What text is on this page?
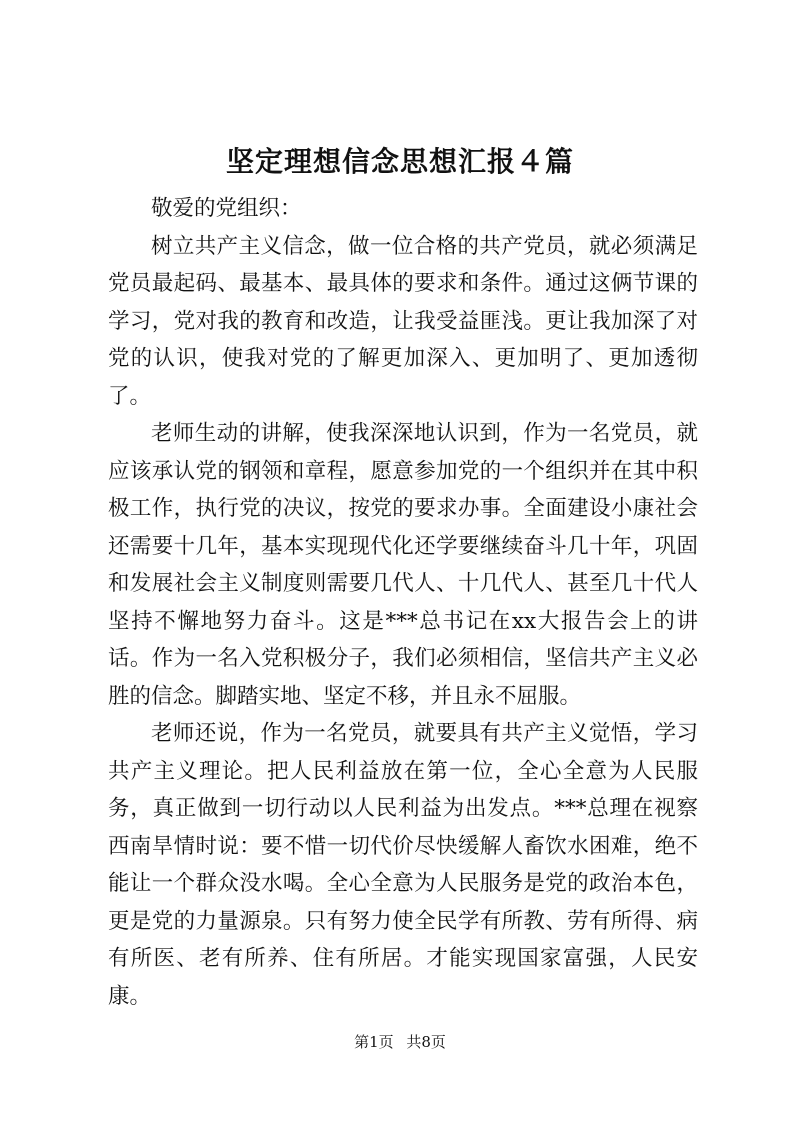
坚定理想信念思想汇报４篇

敬爱的党组织：

树立共产主义信念，做一位合格的共产党员，就必须满足党员最起码、最基本、最具体的要求和条件。通过这俩节课的学习，党对我的教育和改造，让我受益匪浅。更让我加深了对党的认识，使我对党的了解更加深入、更加明了、更加透彻了。

老师生动的讲解，使我深深地认识到，作为一名党员，就应该承认党的钢领和章程，愿意参加党的一个组织并在其中积极工作，执行党的决议，按党的要求办事。全面建设小康社会还需要十几年，基本实现现代化还学要继续奋斗几十年，巩固和发展社会主义制度则需要几代人、十几代人、甚至几十代人坚持不懈地努力奋斗。这是***总书记在xx大报告会上的讲话。作为一名入党积极分子，我们必须相信，坚信共产主义必胜的信念。脚踏实地、坚定不移，并且永不屈服。

老师还说，作为一名党员，就要具有共产主义觉悟，学习共产主义理论。把人民利益放在第一位，全心全意为人民服务，真正做到一切行动以人民利益为出发点。***总理在视察西南旱情时说：要不惜一切代价尽快缓解人畜饮水困难，绝不能让一个群众没水喝。全心全意为人民服务是党的政治本色，更是党的力量源泉。只有努力使全民学有所教、劳有所得、病有所医、老有所养、住有所居。才能实现国家富强，人民安康。

第1页 共8页
